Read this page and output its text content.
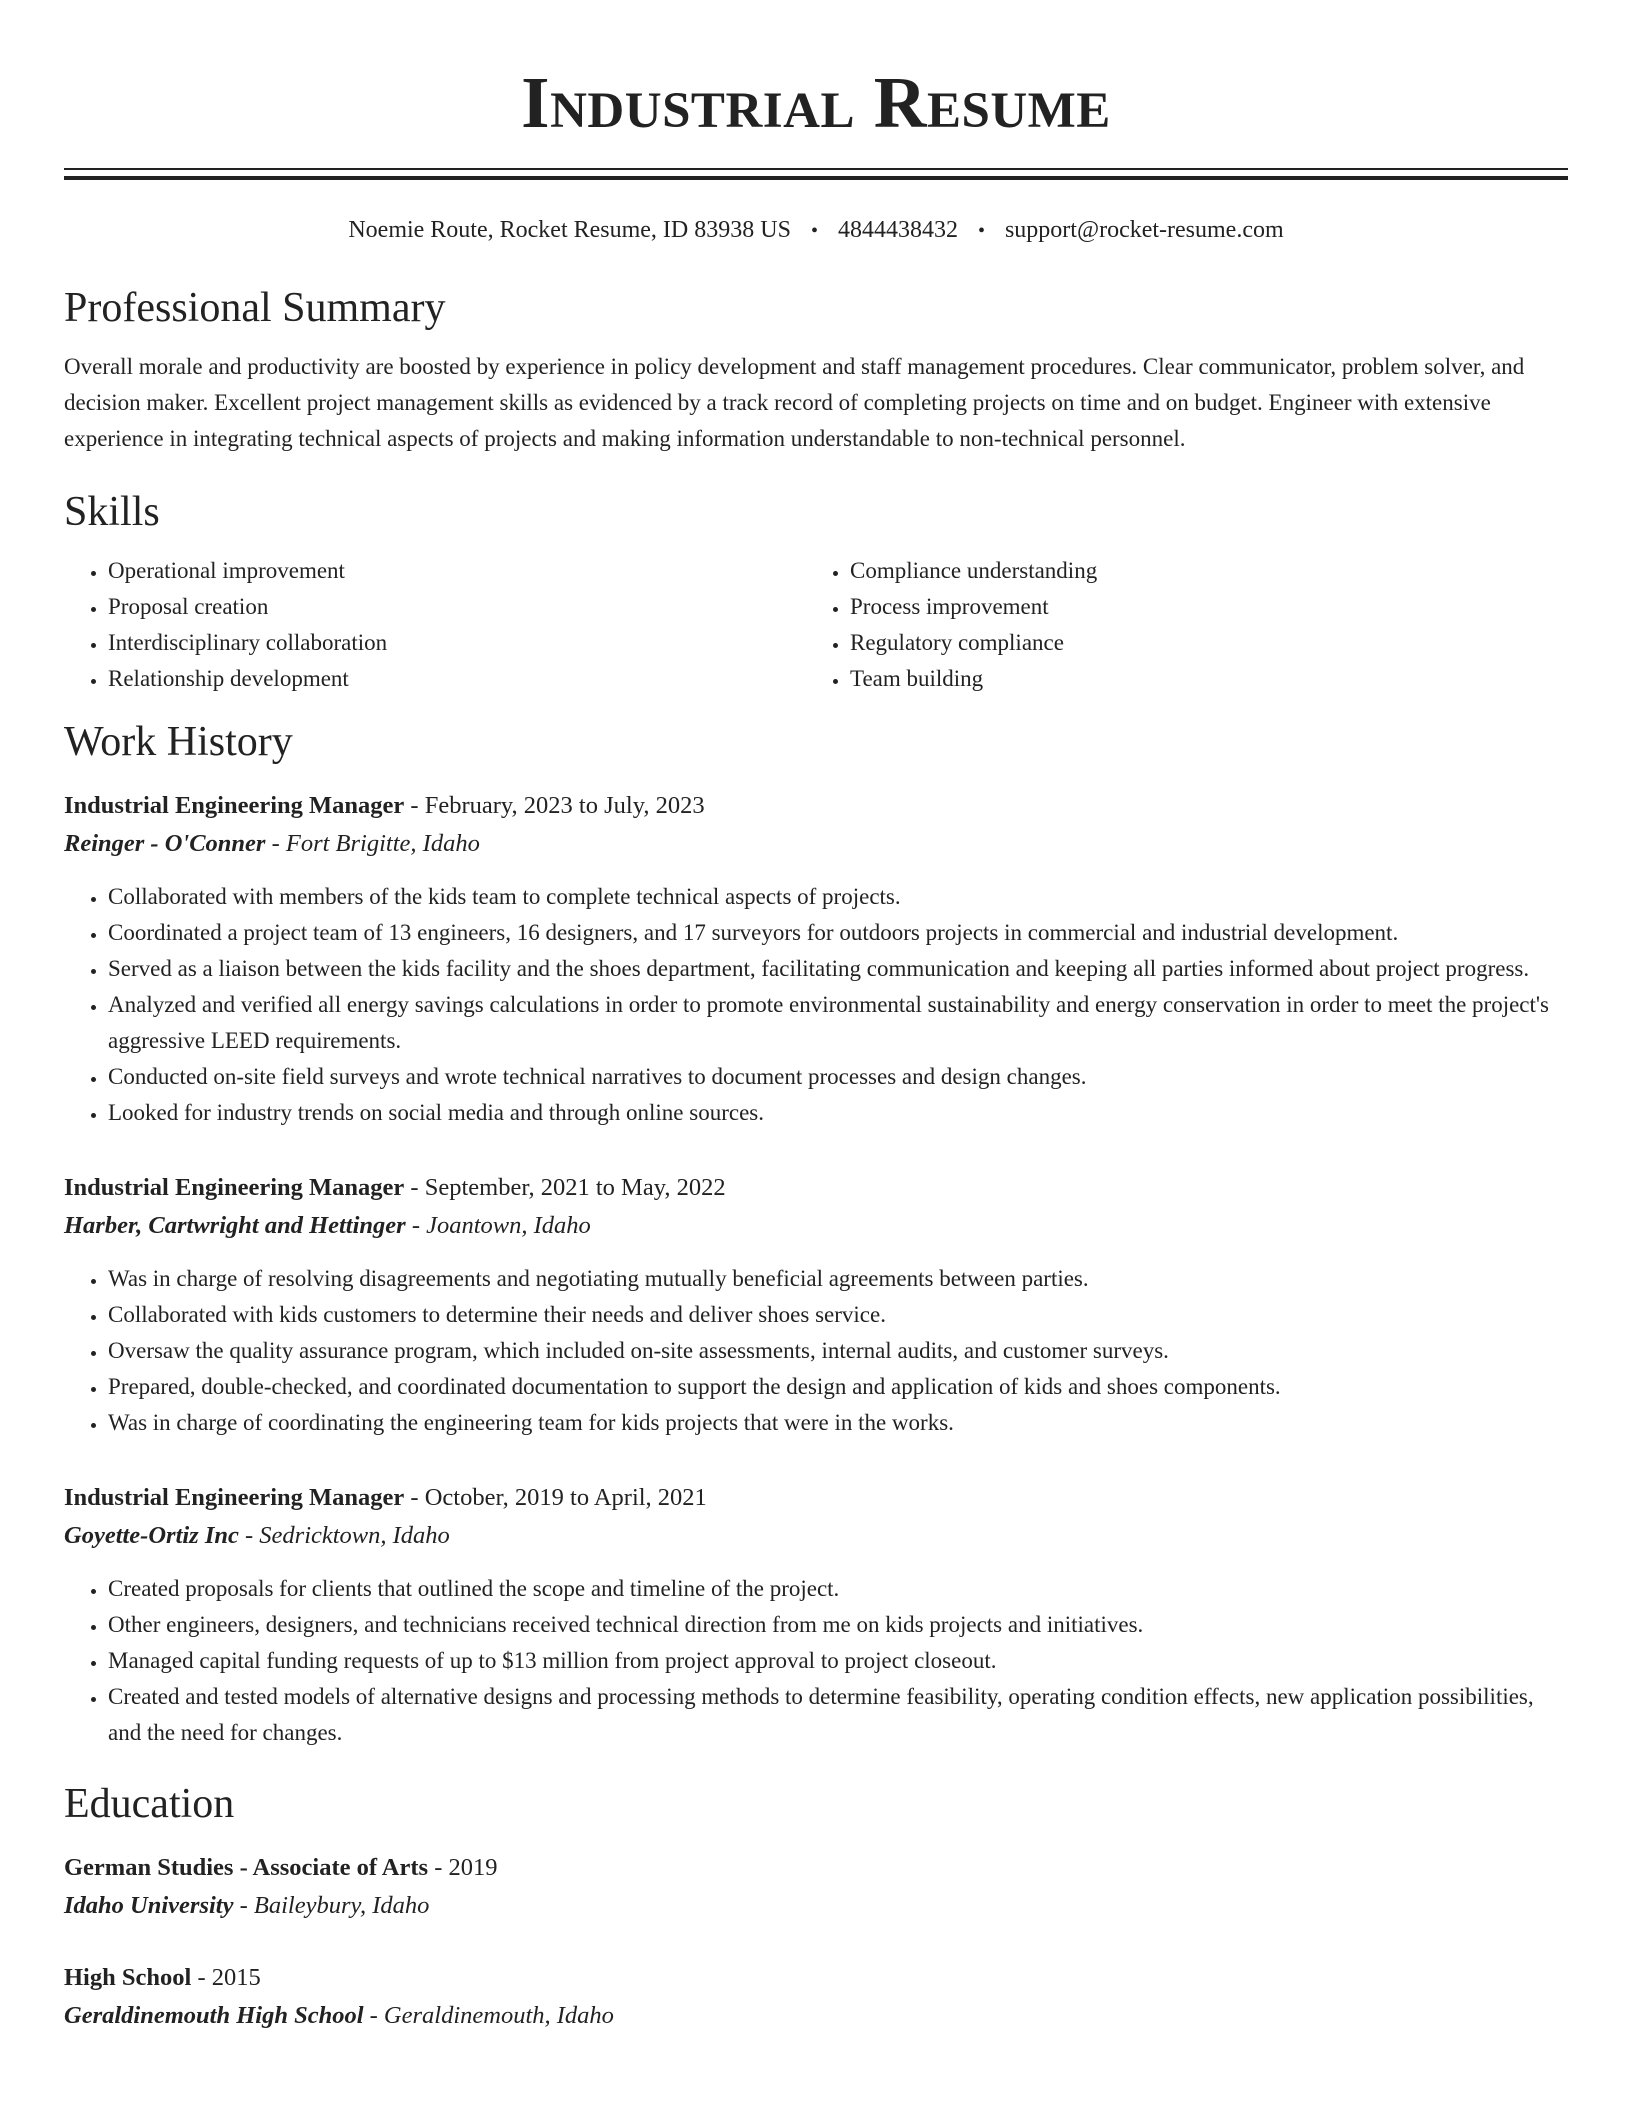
Industrial Resume
Noemie Route, Rocket Resume, ID 83938 US • 4844438432 • support@rocket-resume.com
Professional Summary
Overall morale and productivity are boosted by experience in policy development and staff management procedures. Clear communicator, problem solver, and decision maker. Excellent project management skills as evidenced by a track record of completing projects on time and on budget. Engineer with extensive experience in integrating technical aspects of projects and making information understandable to non-technical personnel.
Skills
• Operational improvement
• Proposal creation
• Interdisciplinary collaboration
• Relationship development
• Compliance understanding
• Process improvement
• Regulatory compliance
• Team building
Work History
Industrial Engineering Manager - February, 2023 to July, 2023
Reinger - O'Conner - Fort Brigitte, Idaho
• Collaborated with members of the kids team to complete technical aspects of projects.
• Coordinated a project team of 13 engineers, 16 designers, and 17 surveyors for outdoors projects in commercial and industrial development.
• Served as a liaison between the kids facility and the shoes department, facilitating communication and keeping all parties informed about project progress.
• Analyzed and verified all energy savings calculations in order to promote environmental sustainability and energy conservation in order to meet the project's aggressive LEED requirements.
• Conducted on-site field surveys and wrote technical narratives to document processes and design changes.
• Looked for industry trends on social media and through online sources.
Industrial Engineering Manager - September, 2021 to May, 2022
Harber, Cartwright and Hettinger - Joantown, Idaho
• Was in charge of resolving disagreements and negotiating mutually beneficial agreements between parties.
• Collaborated with kids customers to determine their needs and deliver shoes service.
• Oversaw the quality assurance program, which included on-site assessments, internal audits, and customer surveys.
• Prepared, double-checked, and coordinated documentation to support the design and application of kids and shoes components.
• Was in charge of coordinating the engineering team for kids projects that were in the works.
Industrial Engineering Manager - October, 2019 to April, 2021
Goyette-Ortiz Inc - Sedricktown, Idaho
• Created proposals for clients that outlined the scope and timeline of the project.
• Other engineers, designers, and technicians received technical direction from me on kids projects and initiatives.
• Managed capital funding requests of up to $13 million from project approval to project closeout.
• Created and tested models of alternative designs and processing methods to determine feasibility, operating condition effects, new application possibilities, and the need for changes.
Education
German Studies - Associate of Arts - 2019
Idaho University - Baileybury, Idaho
High School - 2015
Geraldinemouth High School - Geraldinemouth, Idaho
